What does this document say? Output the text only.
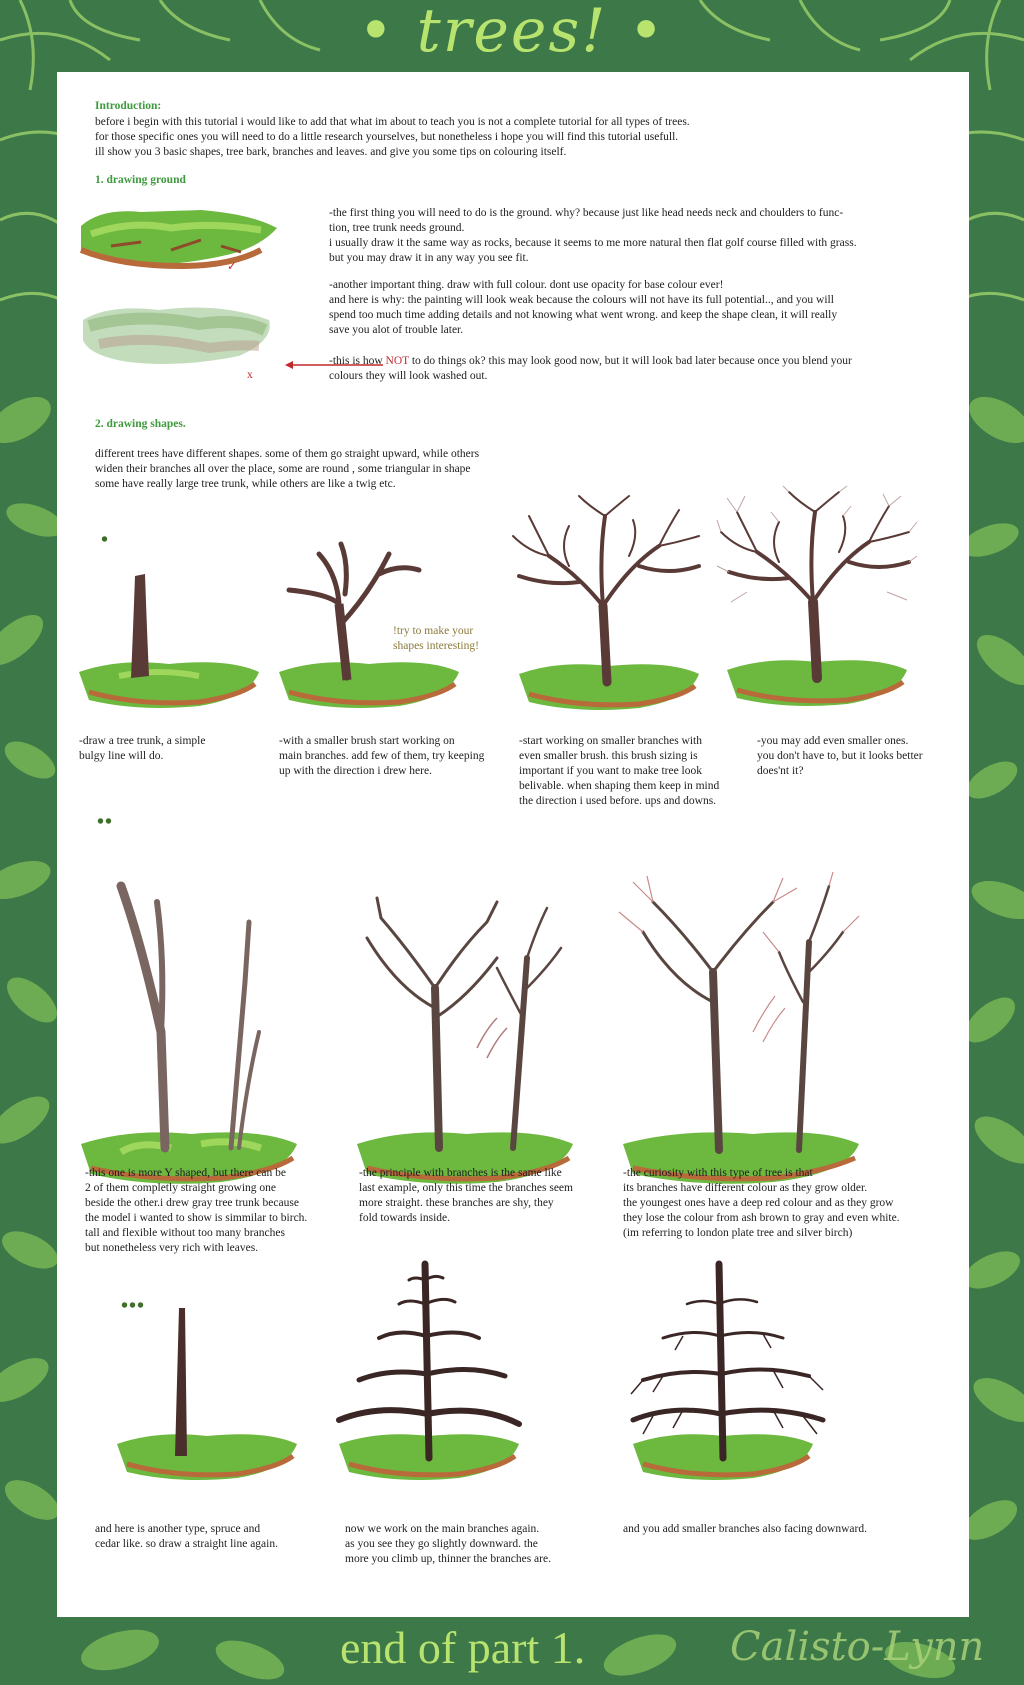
• trees! •
Introduction:
before i begin with this tutorial i would like to add that what im about to teach you is not a complete tutorial for all types of trees.
for those specific ones you will need to do a little research yourselves, but nonetheless i hope you will find this tutorial usefull.
ill show you 3 basic shapes, tree bark, branches and leaves. and give you some tips on colouring itself.
1. drawing ground
✓
x
-the first thing you will need to do is the ground. why? because just like head needs neck and choulders to func-
tion, tree trunk needs ground.
i usually draw it the same way as rocks, because it seems to me more natural then flat golf course filled with grass.
but you may draw it in any way you see fit.
-another important thing. draw with full colour. dont use opacity for base colour ever!
and here is why: the painting will look weak because the colours will not have its full potential.., and you will
spend too much time adding details and not knowing what went wrong. and keep the shape clean, it will really
save you alot of trouble later.
-this is how NOT to do things ok? this may look good now, but it will look bad later because once you blend your
colours they will look washed out.
2. drawing shapes.
different trees have different shapes. some of them go straight upward, while others
widen their branches all over the place, some are round , some triangular in shape
some have really large tree trunk, while others are like a twig etc.
•
!try to make your
shapes interesting!
-draw a tree trunk, a simple
bulgy line will do.
-with a smaller brush start working on
main branches. add few of them, try keeping
up with the direction i drew here.
-start working on smaller branches with
even smaller brush. this brush sizing is
important if you want to make tree look
belivable. when shaping them keep in mind
the direction i used before. ups and downs.
-you may add even smaller ones.
you don't have to, but it looks better
does'nt it?
••
-this one is more Y shaped, but there can be
2 of them completly straight growing one
beside the other.i drew gray tree trunk because
the model i wanted to show is simmilar to birch.
tall and flexible without too many branches
but nonetheless very rich with leaves.
-the principle with branches is the same like
last example, only this time the branches seem
more straight. these branches are shy, they
fold towards inside.
-the curiosity with this type of tree is that
its branches have different colour as they grow older.
the youngest ones have a deep red colour and as they grow
they lose the colour from ash brown to gray and even white.
(im referring to london plate tree and silver birch)
•••
and here is another type, spruce and
cedar like. so draw a straight line again.
now we work on the main branches again.
as you see they go slightly downward. the
more you climb up, thinner the branches are.
and you add smaller branches also facing downward.
end of part 1.	Calisto-Lynn
